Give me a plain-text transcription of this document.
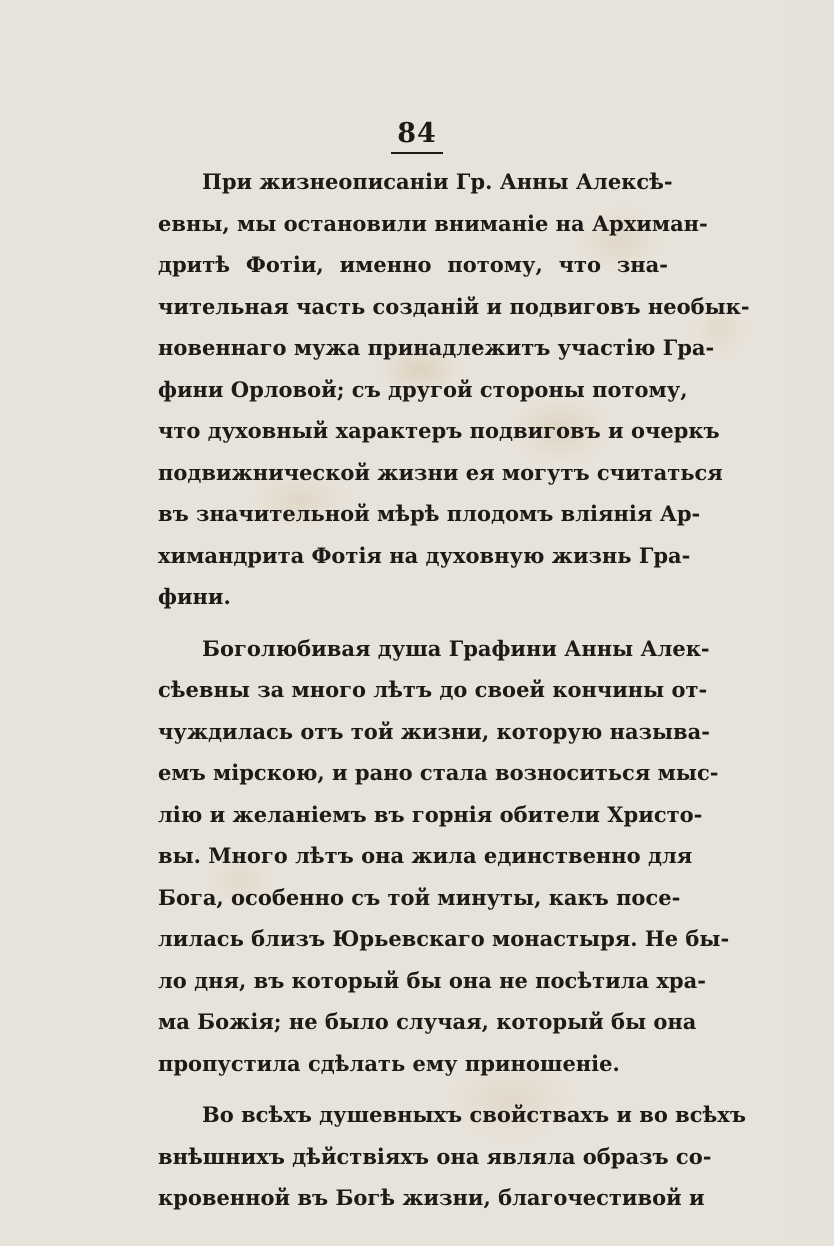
84
При жизнеописанiи Гр. Анны Алексѣ-
евны, мы остановили вниманiе на Архиман-
дритѣ Фотiи, именно потому, что зна-
чительная часть созданiй и подвиговъ необык-
новеннаго мужа принадлежитъ участiю Гра-
фини Орловой; съ другой стороны потому,
что духовный характеръ подвиговъ и очеркъ
подвижнической жизни ея могутъ считаться
въ значительной мѣрѣ плодомъ влiянiя Ар-
химандрита Фотiя на духовную жизнь Гра-
фини.
Боголюбивая душа Графини Анны Алек-
сѣевны за много лѣтъ до своей кончины от-
чуждилась отъ той жизни, которую называ-
емъ мiрскою, и рано стала возноситься мыс-
лiю и желанiемъ въ горнiя обители Христо-
вы. Много лѣтъ она жила единственно для
Бога, особенно съ той минуты, какъ посе-
лилась близъ Юрьевскаго монастыря. Не бы-
ло дня, въ который бы она не посѣтила хра-
ма Божiя; не было случая, который бы она
пропустила сдѣлать ему приношенiе.
Во всѣхъ душевныхъ свойствахъ и во всѣхъ
внѣшнихъ дѣйствiяхъ она являла образъ со-
кровенной въ Богѣ жизни, благочестивой и
